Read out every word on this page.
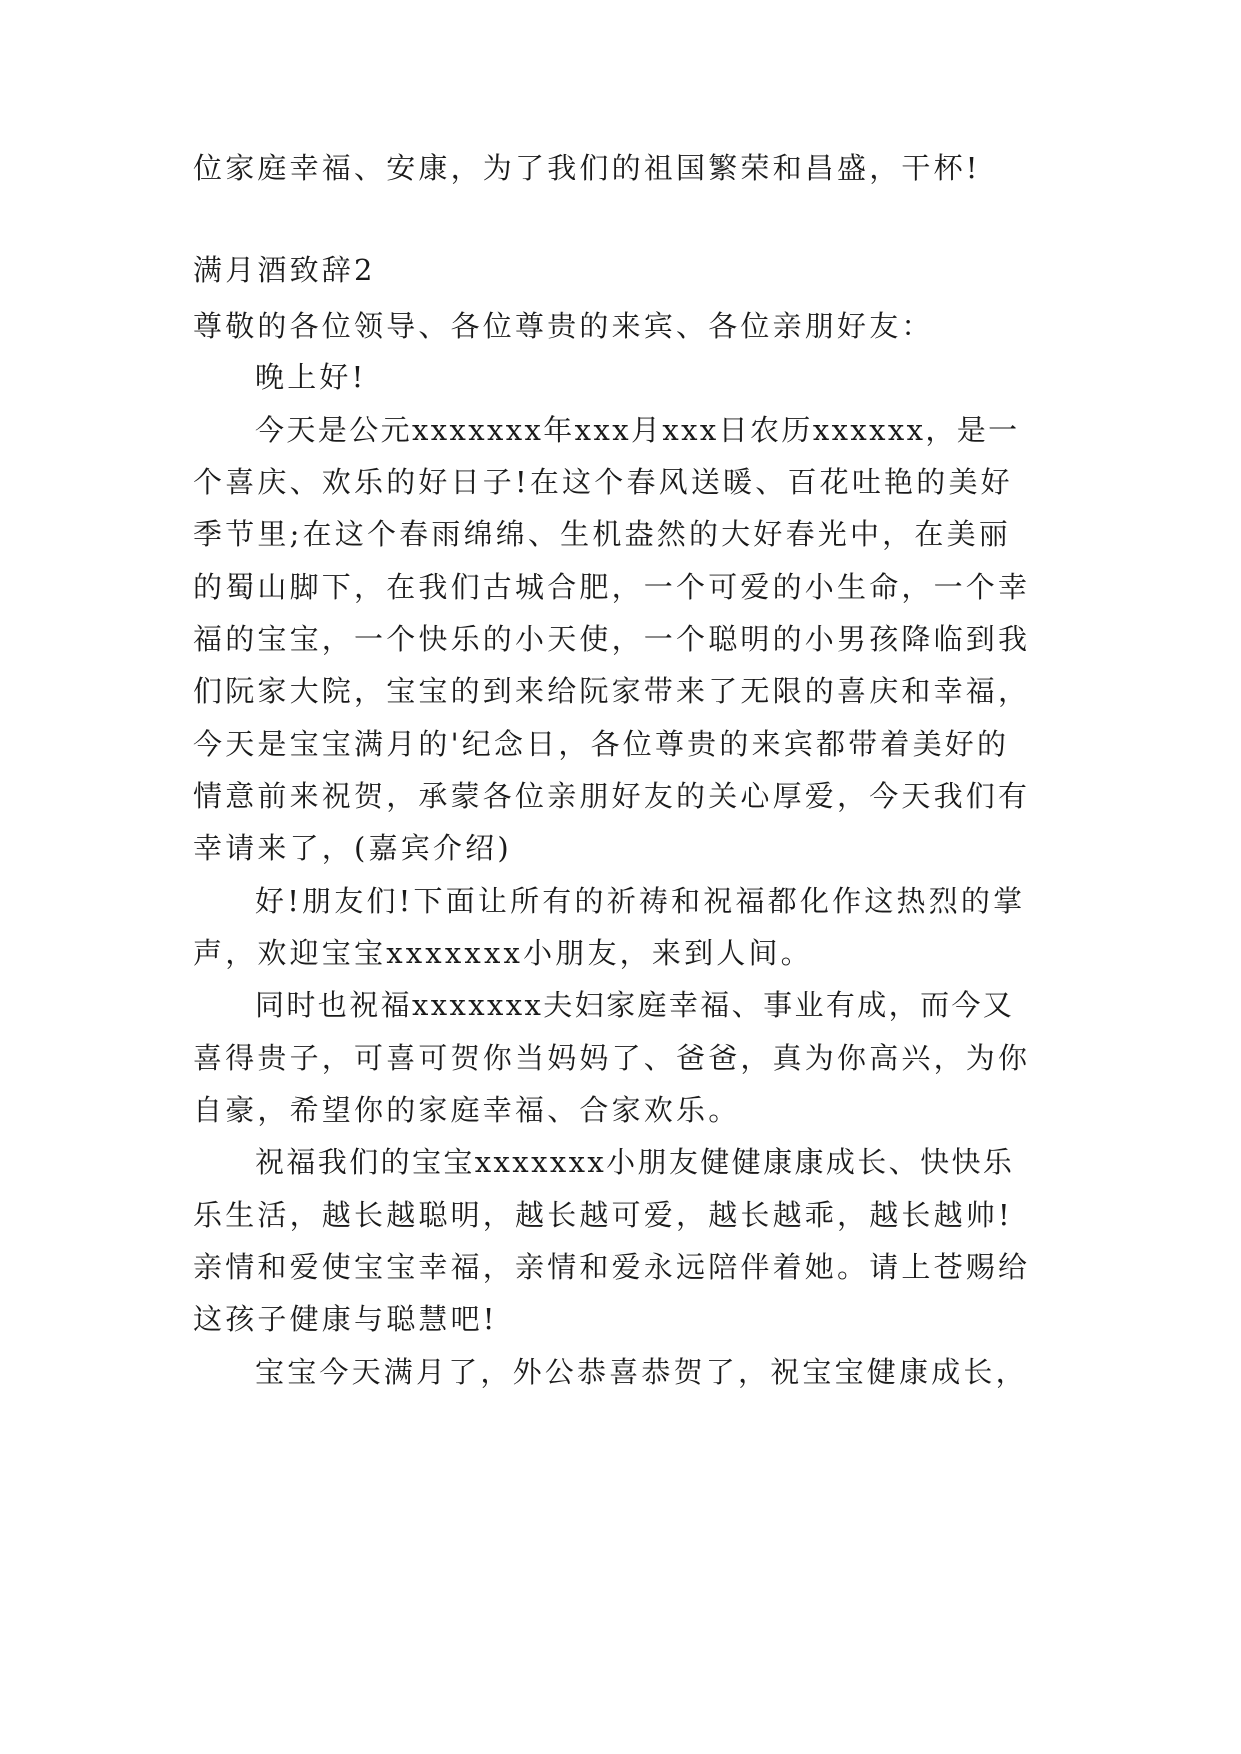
位家庭幸福、安康，为了我们的祖国繁荣和昌盛，干杯!

满月酒致辞2

尊敬的各位领导、各位尊贵的来宾、各位亲朋好友：

晚上好!

今天是公元xxxxxxx年xxx月xxx日农历xxxxxx，是一

个喜庆、欢乐的好日子!在这个春风送暖、百花吐艳的美好

季节里;在这个春雨绵绵、生机盎然的大好春光中，在美丽

的蜀山脚下，在我们古城合肥，一个可爱的小生命，一个幸

福的宝宝，一个快乐的小天使，一个聪明的小男孩降临到我

们阮家大院，宝宝的到来给阮家带来了无限的喜庆和幸福，

今天是宝宝满月的'纪念日，各位尊贵的来宾都带着美好的

情意前来祝贺，承蒙各位亲朋好友的关心厚爱，今天我们有

幸请来了，(嘉宾介绍)

好!朋友们!下面让所有的祈祷和祝福都化作这热烈的掌

声，欢迎宝宝xxxxxxx小朋友，来到人间。

同时也祝福xxxxxxx夫妇家庭幸福、事业有成，而今又

喜得贵子，可喜可贺你当妈妈了、爸爸，真为你高兴，为你

自豪，希望你的家庭幸福、合家欢乐。

祝福我们的宝宝xxxxxxx小朋友健健康康成长、快快乐

乐生活，越长越聪明，越长越可爱，越长越乖，越长越帅!

亲情和爱使宝宝幸福，亲情和爱永远陪伴着她。请上苍赐给

这孩子健康与聪慧吧!

宝宝今天满月了，外公恭喜恭贺了，祝宝宝健康成长，
